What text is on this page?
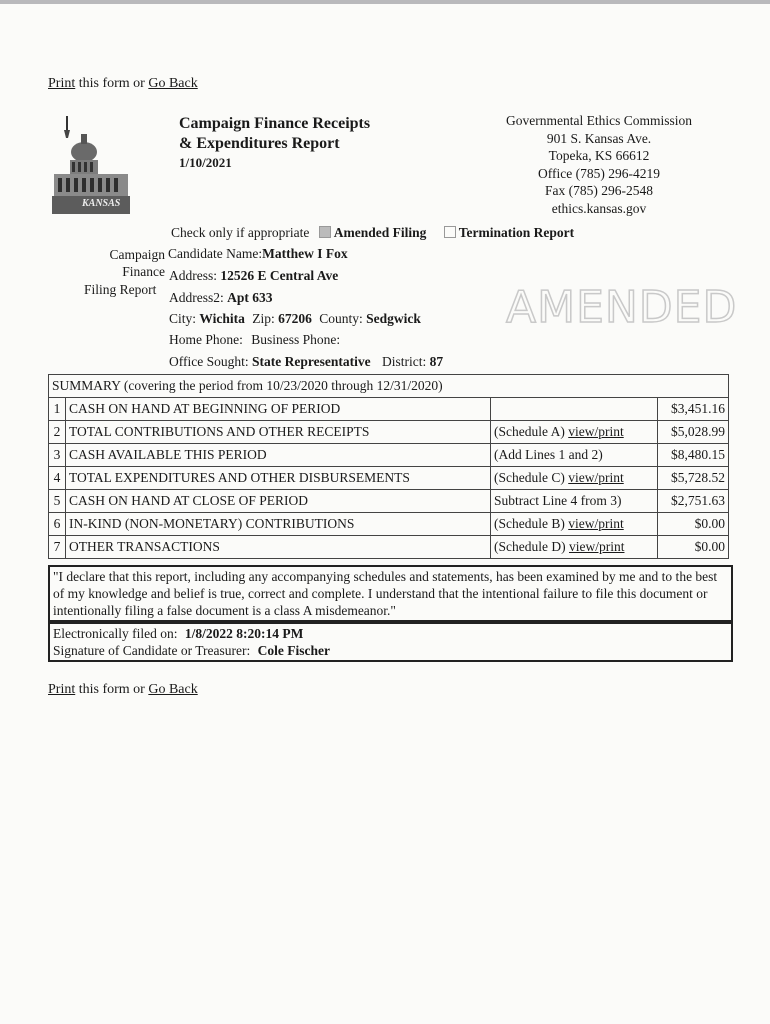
Print this form or Go Back
KANSAS
Campaign Finance Receipts
& Expenditures Report
1/10/2021
Governmental Ethics Commission
901 S. Kansas Ave.
Topeka, KS 66612
Office (785) 296-4219
Fax (785) 296-2548
ethics.kansas.gov
Check only if appropriate Amended Filing Termination Report
Campaign
Finance
Filing Report
Candidate Name:Matthew I Fox
Address: 12526 E Central Ave
Address2: Apt 633
City: Wichita Zip: 67206 County: Sedgwick
Home Phone: Business Phone:
Office Sought: State Representative District: 87
AMENDED
SUMMARY (covering the period from 10/23/2020 through 12/31/2020)			
1	CASH ON HAND AT BEGINNING OF PERIOD		$3,451.16
2	TOTAL CONTRIBUTIONS AND OTHER RECEIPTS	(Schedule A) view/print	$5,028.99
3	CASH AVAILABLE THIS PERIOD	(Add Lines 1 and 2)	$8,480.15
4	TOTAL EXPENDITURES AND OTHER DISBURSEMENTS	(Schedule C) view/print	$5,728.52
5	CASH ON HAND AT CLOSE OF PERIOD	Subtract Line 4 from 3)	$2,751.63
6	IN-KIND (NON-MONETARY) CONTRIBUTIONS	(Schedule B) view/print	$0.00
7	OTHER TRANSACTIONS	(Schedule D) view/print	$0.00
"I declare that this report, including any accompanying schedules and statements, has been examined by me and to the best of my knowledge and belief is true, correct and complete. I understand that the intentional failure to file this document or intentionally filing a false document is a class A misdemeanor."
Electronically filed on: 1/8/2022 8:20:14 PM
Signature of Candidate or Treasurer: Cole Fischer
Print this form or Go Back
